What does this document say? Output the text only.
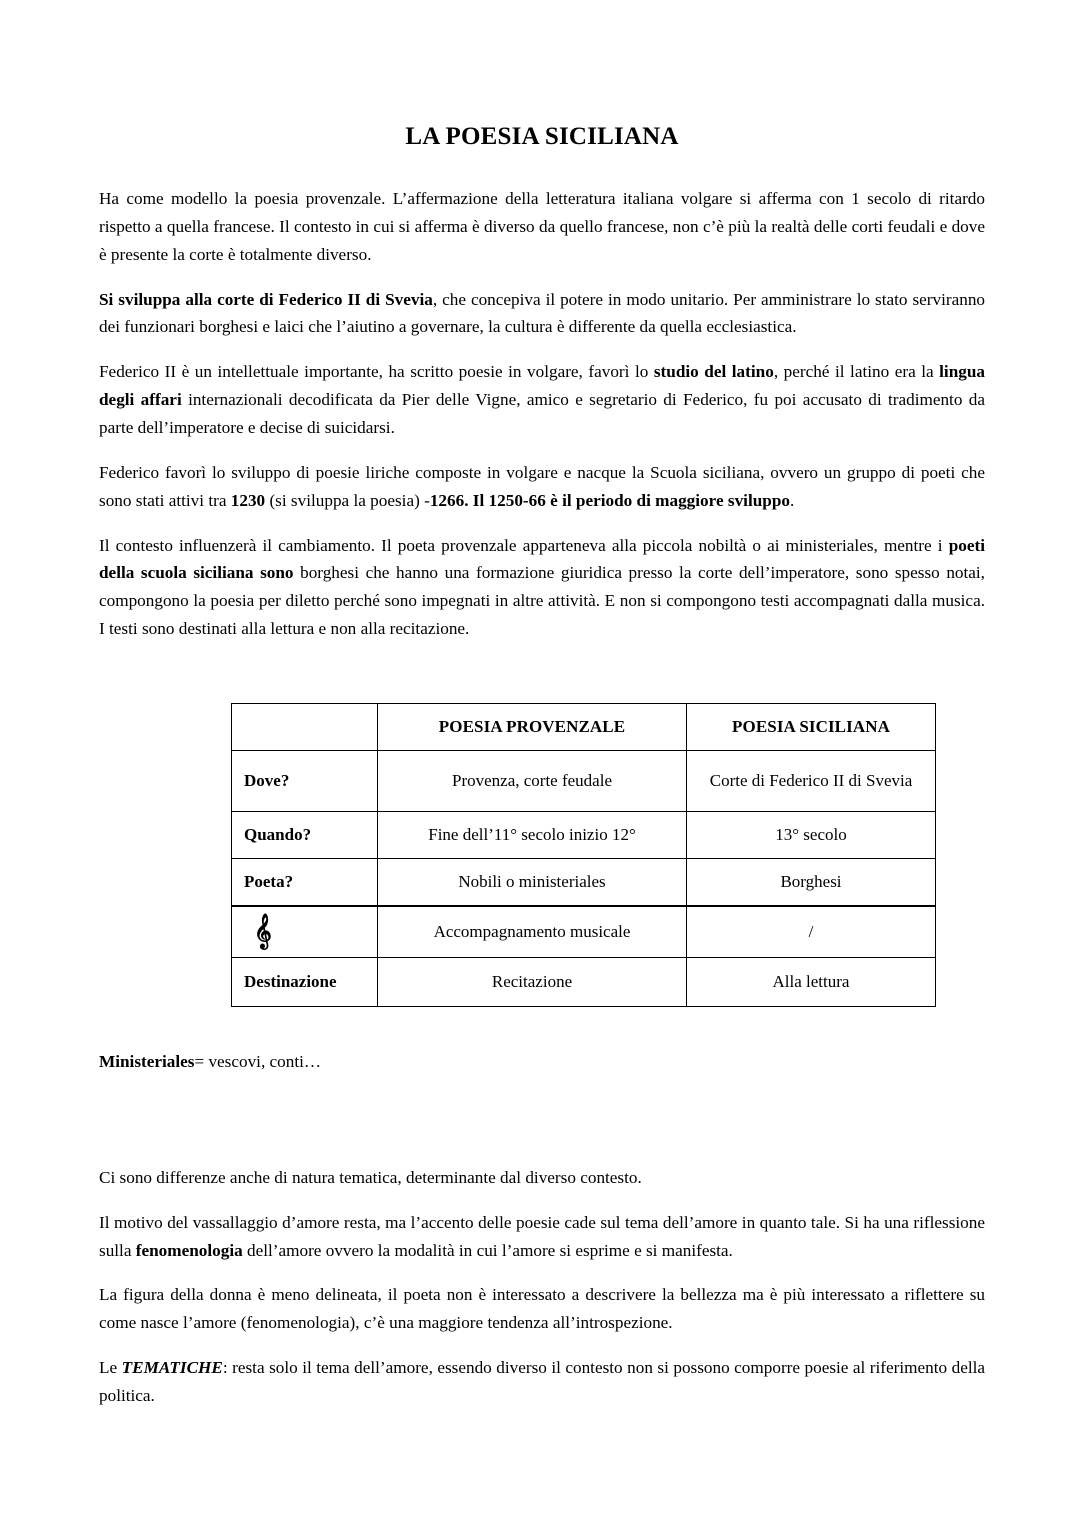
LA POESIA SICILIANA

Ha come modello la poesia provenzale. L’affermazione della letteratura italiana volgare si afferma con 1 secolo di ritardo rispetto a quella francese. Il contesto in cui si afferma è diverso da quello francese, non c’è più la realtà delle corti feudali e dove è presente la corte è totalmente diverso.

Si sviluppa alla corte di Federico II di Svevia, che concepiva il potere in modo unitario. Per amministrare lo stato serviranno dei funzionari borghesi e laici che l’aiutino a governare, la cultura è differente da quella ecclesiastica.

Federico II è un intellettuale importante, ha scritto poesie in volgare, favorì lo studio del latino, perché il latino era la lingua degli affari internazionali decodificata da Pier delle Vigne, amico e segretario di Federico, fu poi accusato di tradimento da parte dell’imperatore e decise di suicidarsi.

Federico favorì lo sviluppo di poesie liriche composte in volgare e nacque la Scuola siciliana, ovvero un gruppo di poeti che sono stati attivi tra 1230 (si sviluppa la poesia) -1266. Il 1250-66 è il periodo di maggiore sviluppo.

Il contesto influenzerà il cambiamento. Il poeta provenzale apparteneva alla piccola nobiltà o ai ministeriales, mentre i poeti della scuola siciliana sono borghesi che hanno una formazione giuridica presso la corte dell’imperatore, sono spesso notai, compongono la poesia per diletto perché sono impegnati in altre attività. E non si compongono testi accompagnati dalla musica. I testi sono destinati alla lettura e non alla recitazione.

	POESIA PROVENZALE	POESIA SICILIANA
Dove?	Provenza, corte feudale	Corte di Federico II di Svevia
Quando?	Fine dell’11° secolo inizio 12°	13° secolo
Poeta?	Nobili o ministeriales	Borghesi
𝄞	Accompagnamento musicale	/
Destinazione	Recitazione	Alla lettura

Ministeriales= vescovi, conti…

Ci sono differenze anche di natura tematica, determinante dal diverso contesto.

Il motivo del vassallaggio d’amore resta, ma l’accento delle poesie cade sul tema dell’amore in quanto tale. Si ha una riflessione sulla fenomenologia dell’amore ovvero la modalità in cui l’amore si esprime e si manifesta.

La figura della donna è meno delineata, il poeta non è interessato a descrivere la bellezza ma è più interessato a riflettere su come nasce l’amore (fenomenologia), c’è una maggiore tendenza all’introspezione.

Le TEMATICHE: resta solo il tema dell’amore, essendo diverso il contesto non si possono comporre poesie al riferimento della politica.
